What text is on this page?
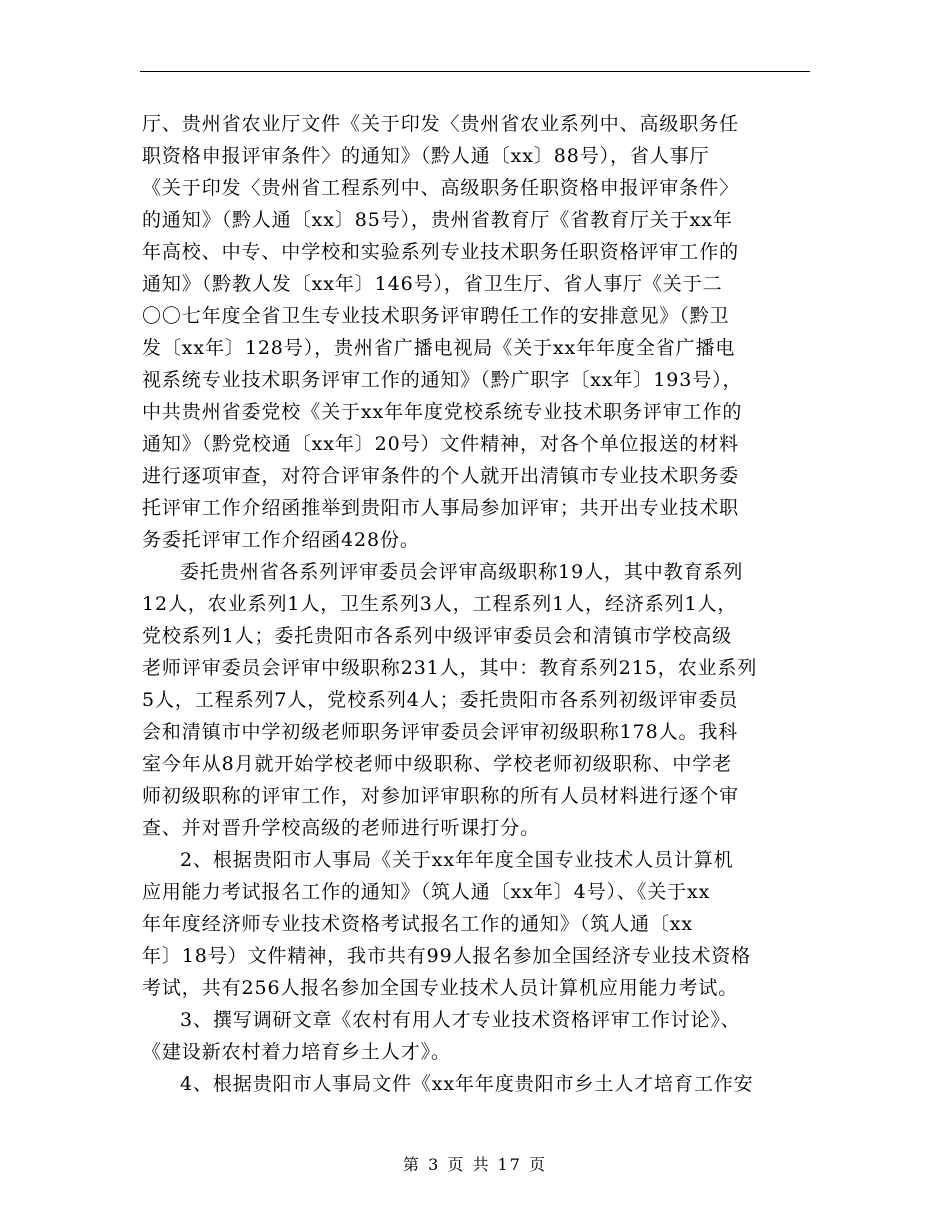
厅、贵州省农业厅文件《关于印发〈贵州省农业系列中、高级职务任
职资格申报评审条件〉的通知》（黔人通〔xx〕88号），省人事厅
《关于印发〈贵州省工程系列中、高级职务任职资格申报评审条件〉
的通知》（黔人通〔xx〕85号），贵州省教育厅《省教育厅关于xx年
年高校、中专、中学校和实验系列专业技术职务任职资格评审工作的
通知》（黔教人发〔xx年〕146号），省卫生厅、省人事厅《关于二
〇〇七年度全省卫生专业技术职务评审聘任工作的安排意见》（黔卫
发〔xx年〕128号），贵州省广播电视局《关于xx年年度全省广播电
视系统专业技术职务评审工作的通知》（黔广职字〔xx年〕193号），
中共贵州省委党校《关于xx年年度党校系统专业技术职务评审工作的
通知》（黔党校通〔xx年〕20号）文件精神，对各个单位报送的材料
进行逐项审查，对符合评审条件的个人就开出清镇市专业技术职务委
托评审工作介绍函推举到贵阳市人事局参加评审；共开出专业技术职
务委托评审工作介绍函428份。
委托贵州省各系列评审委员会评审高级职称19人，其中教育系列
12人，农业系列1人，卫生系列3人，工程系列1人，经济系列1人，
党校系列1人；委托贵阳市各系列中级评审委员会和清镇市学校高级
老师评审委员会评审中级职称231人，其中：教育系列215，农业系列
5人，工程系列7人，党校系列4人；委托贵阳市各系列初级评审委员
会和清镇市中学初级老师职务评审委员会评审初级职称178人。我科
室今年从8月就开始学校老师中级职称、学校老师初级职称、中学老
师初级职称的评审工作，对参加评审职称的所有人员材料进行逐个审
查、并对晋升学校高级的老师进行听课打分。
2、根据贵阳市人事局《关于xx年年度全国专业技术人员计算机
应用能力考试报名工作的通知》（筑人通〔xx年〕4号）、《关于xx
年年度经济师专业技术资格考试报名工作的通知》（筑人通〔xx
年〕18号）文件精神，我市共有99人报名参加全国经济专业技术资格
考试，共有256人报名参加全国专业技术人员计算机应用能力考试。
3、撰写调研文章《农村有用人才专业技术资格评审工作讨论》、
《建设新农村着力培育乡土人才》。
4、根据贵阳市人事局文件《xx年年度贵阳市乡土人才培育工作安
第 3 页 共 17 页
